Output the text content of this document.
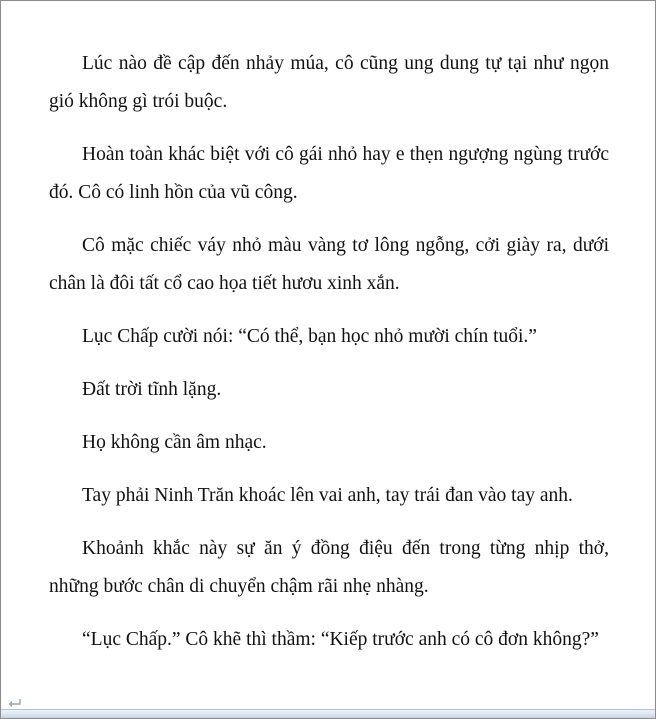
Lúc nào đề cập đến nhảy múa, cô cũng ung dung tự tại như ngọn gió không gì trói buộc.

Hoàn toàn khác biệt với cô gái nhỏ hay e thẹn ngượng ngùng trước đó. Cô có linh hồn của vũ công.

Cô mặc chiếc váy nhỏ màu vàng tơ lông ngỗng, cởi giày ra, dưới chân là đôi tất cổ cao họa tiết hươu xinh xắn.

Lục Chấp cười nói: “Có thể, bạn học nhỏ mười chín tuổi.”

Đất trời tĩnh lặng.

Họ không cần âm nhạc.

Tay phải Ninh Trăn khoác lên vai anh, tay trái đan vào tay anh.

Khoảnh khắc này sự ăn ý đồng điệu đến trong từng nhịp thở, những bước chân di chuyển chậm rãi nhẹ nhàng.

“Lục Chấp.” Cô khẽ thì thầm: “Kiếp trước anh có cô đơn không?”
